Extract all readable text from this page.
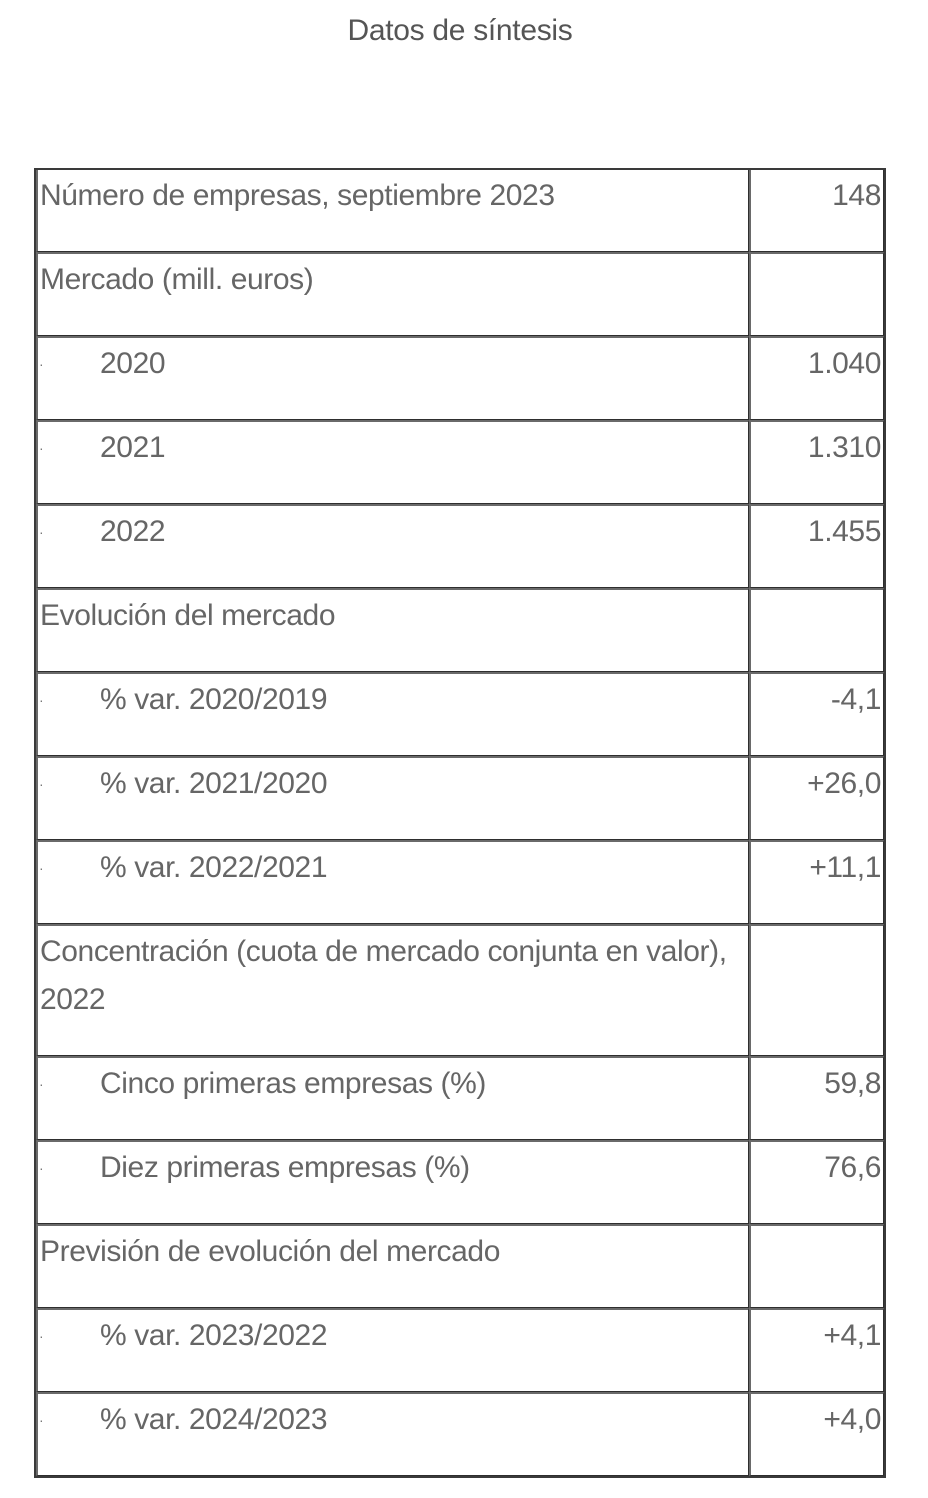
Datos de síntesis
Número de empresas, septiembre 2023	148

Mercado (mill. euros)	

· 2020	1.040

· 2021	1.310

· 2022	1.455

Evolución del mercado	

· % var. 2020/2019	-4,1

· % var. 2021/2020	+26,0

· % var. 2022/2021	+11,1

Concentración (cuota de mercado conjunta en valor), 2022	

· Cinco primeras empresas (%)	59,8

· Diez primeras empresas (%)	76,6

Previsión de evolución del mercado	

· % var. 2023/2022	+4,1

· % var. 2024/2023	+4,0
